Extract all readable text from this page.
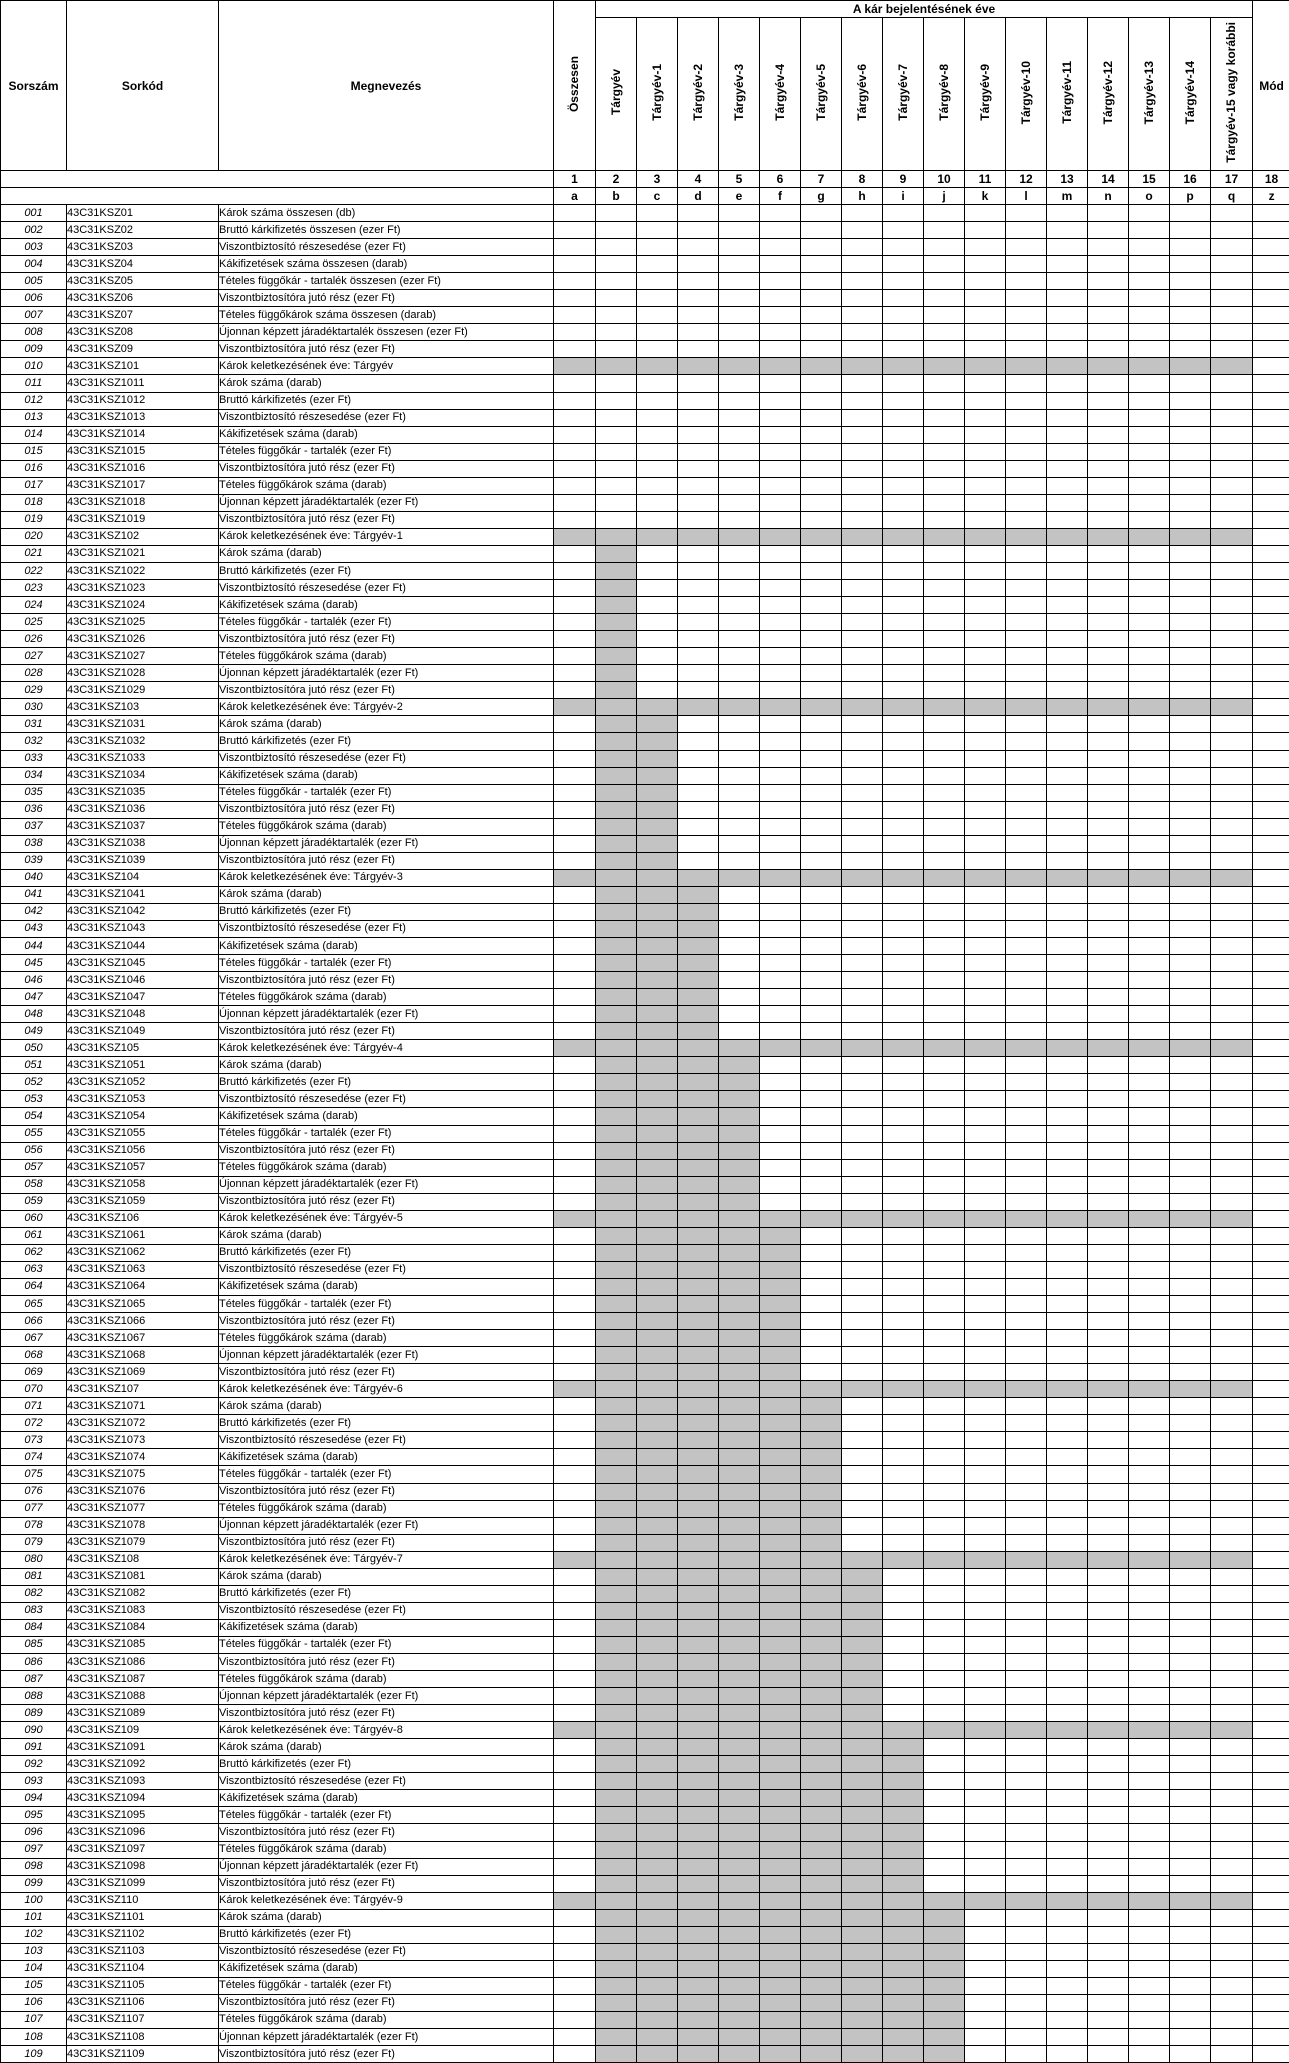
Sorszám	Sorkód	Megnevezés	Összesen	A kár bejelentésének éve																Mód
				Tárgyév	Tárgyév-1	Tárgyév-2	Tárgyév-3	Tárgyév-4	Tárgyév-5	Tárgyév-6	Tárgyév-7	Tárgyév-8	Tárgyév-9	Tárgyév-10	Tárgyév-11	Tárgyév-12	Tárgyév-13	Tárgyév-14	Tárgyév-15 vagy korábbi	
			1	2	3	4	5	6	7	8	9	10	11	12	13	14	15	16	17	18
			a	b	c	d	e	f	g	h	i	j	k	l	m	n	o	p	q	z
001	43C31KSZ01	Károk száma összesen (db)																		
002	43C31KSZ02	Bruttó kárkifizetés összesen (ezer Ft)																		
003	43C31KSZ03	Viszontbiztosító részesedése (ezer Ft)																		
004	43C31KSZ04	Kákifizetések száma összesen (darab)																		
005	43C31KSZ05	Tételes függőkár - tartalék összesen (ezer Ft)																		
006	43C31KSZ06	Viszontbiztosítóra jutó rész (ezer Ft)																		
007	43C31KSZ07	Tételes függőkárok száma összesen (darab)																		
008	43C31KSZ08	Újonnan képzett járadéktartalék összesen (ezer Ft)																		
009	43C31KSZ09	Viszontbiztosítóra jutó rész (ezer Ft)																		
010	43C31KSZ101	Károk keletkezésének éve: Tárgyév																		
011	43C31KSZ1011	Károk száma (darab)																		
012	43C31KSZ1012	Bruttó kárkifizetés (ezer Ft)																		
013	43C31KSZ1013	Viszontbiztosító részesedése (ezer Ft)																		
014	43C31KSZ1014	Kákifizetések száma (darab)																		
015	43C31KSZ1015	Tételes függőkár - tartalék (ezer Ft)																		
016	43C31KSZ1016	Viszontbiztosítóra jutó rész (ezer Ft)																		
017	43C31KSZ1017	Tételes függőkárok száma (darab)																		
018	43C31KSZ1018	Újonnan képzett járadéktartalék (ezer Ft)																		
019	43C31KSZ1019	Viszontbiztosítóra jutó rész (ezer Ft)																		
020	43C31KSZ102	Károk keletkezésének éve: Tárgyév-1																		
021	43C31KSZ1021	Károk száma (darab)																		
022	43C31KSZ1022	Bruttó kárkifizetés (ezer Ft)																		
023	43C31KSZ1023	Viszontbiztosító részesedése (ezer Ft)																		
024	43C31KSZ1024	Kákifizetések száma (darab)																		
025	43C31KSZ1025	Tételes függőkár - tartalék (ezer Ft)																		
026	43C31KSZ1026	Viszontbiztosítóra jutó rész (ezer Ft)																		
027	43C31KSZ1027	Tételes függőkárok száma (darab)																		
028	43C31KSZ1028	Újonnan képzett járadéktartalék (ezer Ft)																		
029	43C31KSZ1029	Viszontbiztosítóra jutó rész (ezer Ft)																		
030	43C31KSZ103	Károk keletkezésének éve: Tárgyév-2																		
031	43C31KSZ1031	Károk száma (darab)																		
032	43C31KSZ1032	Bruttó kárkifizetés (ezer Ft)																		
033	43C31KSZ1033	Viszontbiztosító részesedése (ezer Ft)																		
034	43C31KSZ1034	Kákifizetések száma (darab)																		
035	43C31KSZ1035	Tételes függőkár - tartalék (ezer Ft)																		
036	43C31KSZ1036	Viszontbiztosítóra jutó rész (ezer Ft)																		
037	43C31KSZ1037	Tételes függőkárok száma (darab)																		
038	43C31KSZ1038	Újonnan képzett járadéktartalék (ezer Ft)																		
039	43C31KSZ1039	Viszontbiztosítóra jutó rész (ezer Ft)																		
040	43C31KSZ104	Károk keletkezésének éve: Tárgyév-3																		
041	43C31KSZ1041	Károk száma (darab)																		
042	43C31KSZ1042	Bruttó kárkifizetés (ezer Ft)																		
043	43C31KSZ1043	Viszontbiztosító részesedése (ezer Ft)																		
044	43C31KSZ1044	Kákifizetések száma (darab)																		
045	43C31KSZ1045	Tételes függőkár - tartalék (ezer Ft)																		
046	43C31KSZ1046	Viszontbiztosítóra jutó rész (ezer Ft)																		
047	43C31KSZ1047	Tételes függőkárok száma (darab)																		
048	43C31KSZ1048	Újonnan képzett járadéktartalék (ezer Ft)																		
049	43C31KSZ1049	Viszontbiztosítóra jutó rész (ezer Ft)																		
050	43C31KSZ105	Károk keletkezésének éve: Tárgyév-4																		
051	43C31KSZ1051	Károk száma (darab)																		
052	43C31KSZ1052	Bruttó kárkifizetés (ezer Ft)																		
053	43C31KSZ1053	Viszontbiztosító részesedése (ezer Ft)																		
054	43C31KSZ1054	Kákifizetések száma (darab)																		
055	43C31KSZ1055	Tételes függőkár - tartalék (ezer Ft)																		
056	43C31KSZ1056	Viszontbiztosítóra jutó rész (ezer Ft)																		
057	43C31KSZ1057	Tételes függőkárok száma (darab)																		
058	43C31KSZ1058	Újonnan képzett járadéktartalék (ezer Ft)																		
059	43C31KSZ1059	Viszontbiztosítóra jutó rész (ezer Ft)																		
060	43C31KSZ106	Károk keletkezésének éve: Tárgyév-5																		
061	43C31KSZ1061	Károk száma (darab)																		
062	43C31KSZ1062	Bruttó kárkifizetés (ezer Ft)																		
063	43C31KSZ1063	Viszontbiztosító részesedése (ezer Ft)																		
064	43C31KSZ1064	Kákifizetések száma (darab)																		
065	43C31KSZ1065	Tételes függőkár - tartalék (ezer Ft)																		
066	43C31KSZ1066	Viszontbiztosítóra jutó rész (ezer Ft)																		
067	43C31KSZ1067	Tételes függőkárok száma (darab)																		
068	43C31KSZ1068	Újonnan képzett járadéktartalék (ezer Ft)																		
069	43C31KSZ1069	Viszontbiztosítóra jutó rész (ezer Ft)																		
070	43C31KSZ107	Károk keletkezésének éve: Tárgyév-6																		
071	43C31KSZ1071	Károk száma (darab)																		
072	43C31KSZ1072	Bruttó kárkifizetés (ezer Ft)																		
073	43C31KSZ1073	Viszontbiztosító részesedése (ezer Ft)																		
074	43C31KSZ1074	Kákifizetések száma (darab)																		
075	43C31KSZ1075	Tételes függőkár - tartalék (ezer Ft)																		
076	43C31KSZ1076	Viszontbiztosítóra jutó rész (ezer Ft)																		
077	43C31KSZ1077	Tételes függőkárok száma (darab)																		
078	43C31KSZ1078	Újonnan képzett járadéktartalék (ezer Ft)																		
079	43C31KSZ1079	Viszontbiztosítóra jutó rész (ezer Ft)																		
080	43C31KSZ108	Károk keletkezésének éve: Tárgyév-7																		
081	43C31KSZ1081	Károk száma (darab)																		
082	43C31KSZ1082	Bruttó kárkifizetés (ezer Ft)																		
083	43C31KSZ1083	Viszontbiztosító részesedése (ezer Ft)																		
084	43C31KSZ1084	Kákifizetések száma (darab)																		
085	43C31KSZ1085	Tételes függőkár - tartalék (ezer Ft)																		
086	43C31KSZ1086	Viszontbiztosítóra jutó rész (ezer Ft)																		
087	43C31KSZ1087	Tételes függőkárok száma (darab)																		
088	43C31KSZ1088	Újonnan képzett járadéktartalék (ezer Ft)																		
089	43C31KSZ1089	Viszontbiztosítóra jutó rész (ezer Ft)																		
090	43C31KSZ109	Károk keletkezésének éve: Tárgyév-8																		
091	43C31KSZ1091	Károk száma (darab)																		
092	43C31KSZ1092	Bruttó kárkifizetés (ezer Ft)																		
093	43C31KSZ1093	Viszontbiztosító részesedése (ezer Ft)																		
094	43C31KSZ1094	Kákifizetések száma (darab)																		
095	43C31KSZ1095	Tételes függőkár - tartalék (ezer Ft)																		
096	43C31KSZ1096	Viszontbiztosítóra jutó rész (ezer Ft)																		
097	43C31KSZ1097	Tételes függőkárok száma (darab)																		
098	43C31KSZ1098	Újonnan képzett járadéktartalék (ezer Ft)																		
099	43C31KSZ1099	Viszontbiztosítóra jutó rész (ezer Ft)																		
100	43C31KSZ110	Károk keletkezésének éve: Tárgyév-9																		
101	43C31KSZ1101	Károk száma (darab)																		
102	43C31KSZ1102	Bruttó kárkifizetés (ezer Ft)																		
103	43C31KSZ1103	Viszontbiztosító részesedése (ezer Ft)																		
104	43C31KSZ1104	Kákifizetések száma (darab)																		
105	43C31KSZ1105	Tételes függőkár - tartalék (ezer Ft)																		
106	43C31KSZ1106	Viszontbiztosítóra jutó rész (ezer Ft)																		
107	43C31KSZ1107	Tételes függőkárok száma (darab)																		
108	43C31KSZ1108	Újonnan képzett járadéktartalék (ezer Ft)																		
109	43C31KSZ1109	Viszontbiztosítóra jutó rész (ezer Ft)																		
